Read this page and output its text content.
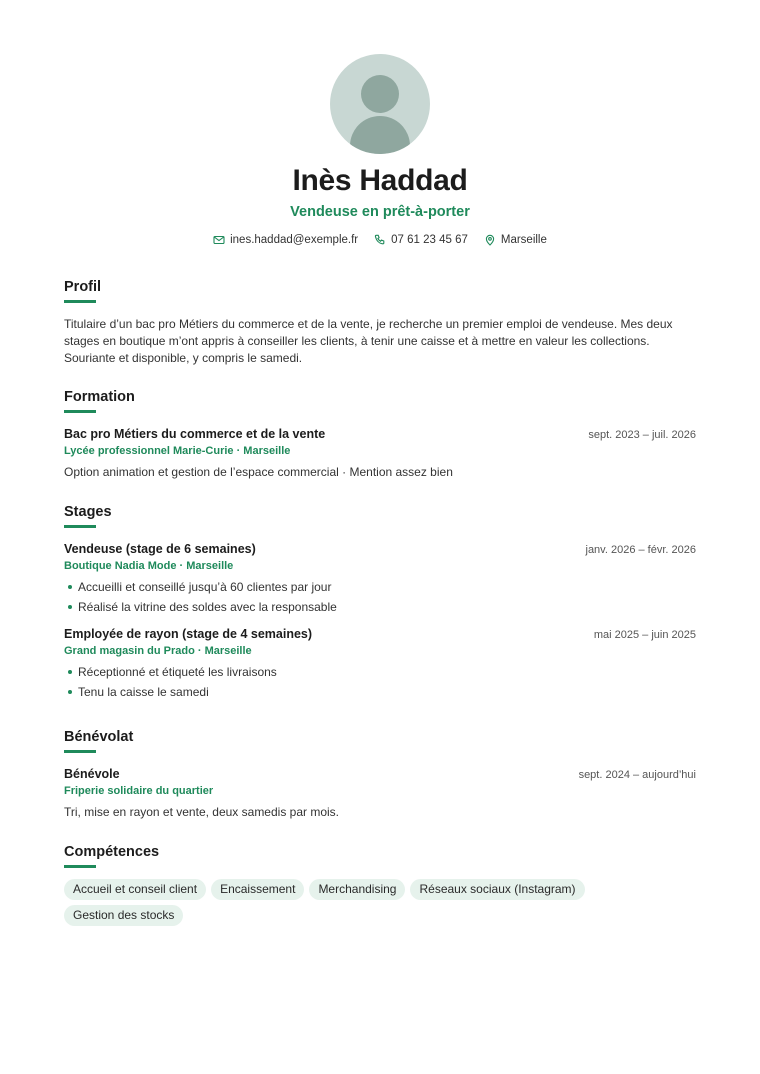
Inès Haddad
Vendeuse en prêt-à-porter
ines.haddad@exemple.fr	07 61 23 45 67	Marseille
Profil

Titulaire d’un bac pro Métiers du commerce et de la vente, je recherche un premier emploi de vendeuse. Mes deux stages en boutique m’ont appris à conseiller les clients, à tenir une caisse et à mettre en valeur les collections. Souriante et disponible, y compris le samedi.

Formation
Bac pro Métiers du commerce et de la vente	sept. 2023 – juil. 2026
Lycée professionnel Marie-Curie · Marseille
Option animation et gestion de l’espace commercial · Mention assez bien
Stages
Vendeuse (stage de 6 semaines)	janv. 2026 – févr. 2026
Boutique Nadia Mode · Marseille
Accueilli et conseillé jusqu’à 60 clientes par jour
Réalisé la vitrine des soldes avec la responsable
Employée de rayon (stage de 4 semaines)	mai 2025 – juin 2025
Grand magasin du Prado · Marseille
Réceptionné et étiqueté les livraisons
Tenu la caisse le samedi
Bénévolat
Bénévole	sept. 2024 – aujourd’hui
Friperie solidaire du quartier
Tri, mise en rayon et vente, deux samedis par mois.
Compétences
Accueil et conseil client	Encaissement	Merchandising	Réseaux sociaux (Instagram)
Gestion des stocks
